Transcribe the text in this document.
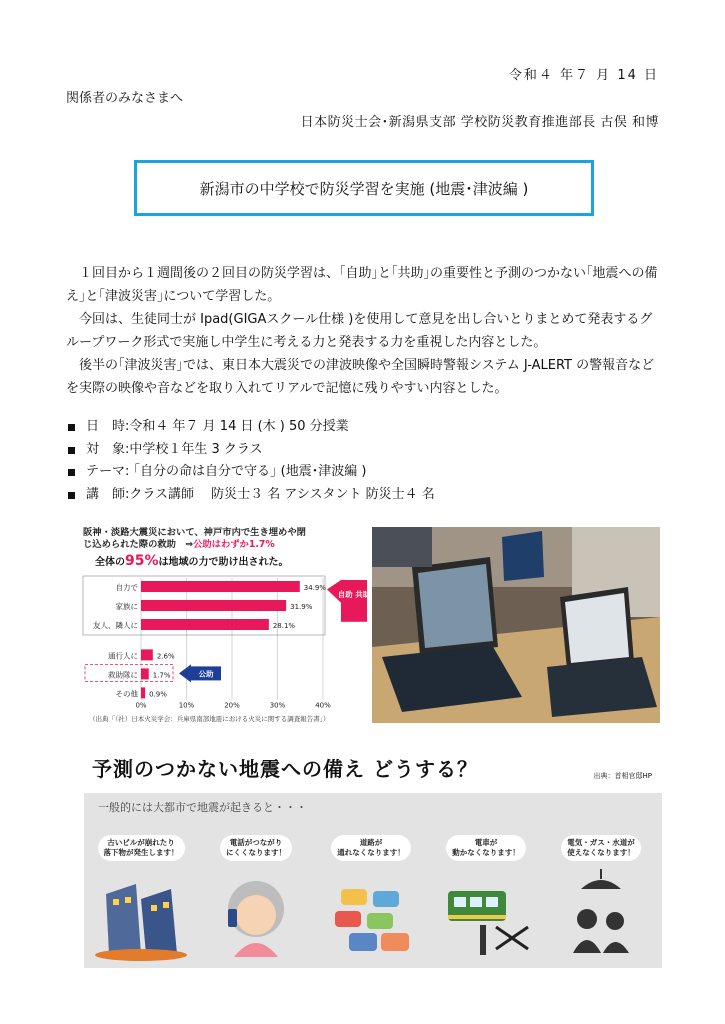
令和４ 年７ 月 14 日
関係者のみなさまへ
日本防災士会･新潟県支部 学校防災教育推進部長 古俣 和博
新潟市の中学校で防災学習を実施 (地震･津波編 )

１回目から１週間後の２回目の防災学習は、｢自助｣と｢共助｣の重要性と予測のつかない｢地震への備え｣と｢津波災害｣について学習した。

今回は、生徒同士が Ipad(GIGAスクール仕様 )を使用して意見を出し合いとりまとめて発表するグループワーク形式で実施し中学生に考える力と発表する力を重視した内容とした。

後半の｢津波災害｣では、東日本大震災での津波映像や全国瞬時警報システム J-ALERT の警報音などを実際の映像や音などを取り入れてリアルで記憶に残りやすい内容とした。

日　時 :令和４ 年７ 月 14 日 (木 ) 50 分授業
対　象 :中学校１年生 3 クラス
テーマ : ｢自分の命は自分で守る｣ (地震･津波編 )
講　師 :クラス講師　 防災士３ 名 アシスタント 防災士４ 名
阪神・淡路大震災において、神戸市内で生き埋めや閉
じ込められた際の救助　⇒公助はわずか1.7%
全体の95%は地域の力で助け出された。
自力で	34.9%
家族に	31.9%
友人、隣人に	28.1%
通行人に	2.6%
救助隊に 1.7%
その他 0.9%
0%	10%	20%	30%	40%
自助 共助
公助
（出典「（社）日本火災学会：兵庫県南部地震における火災に関する調査報告書」）
予測のつかない地震への備え どうする？	出典：首相官邸HP
一般的には大都市で地震が起きると・・・
古いビルが崩れたり
落下物が発生します！
電話がつながり
にくくなります！
道路が
通れなくなります！
電車が
動かなくなります！
電気・ガス・水道が
使えなくなります！
